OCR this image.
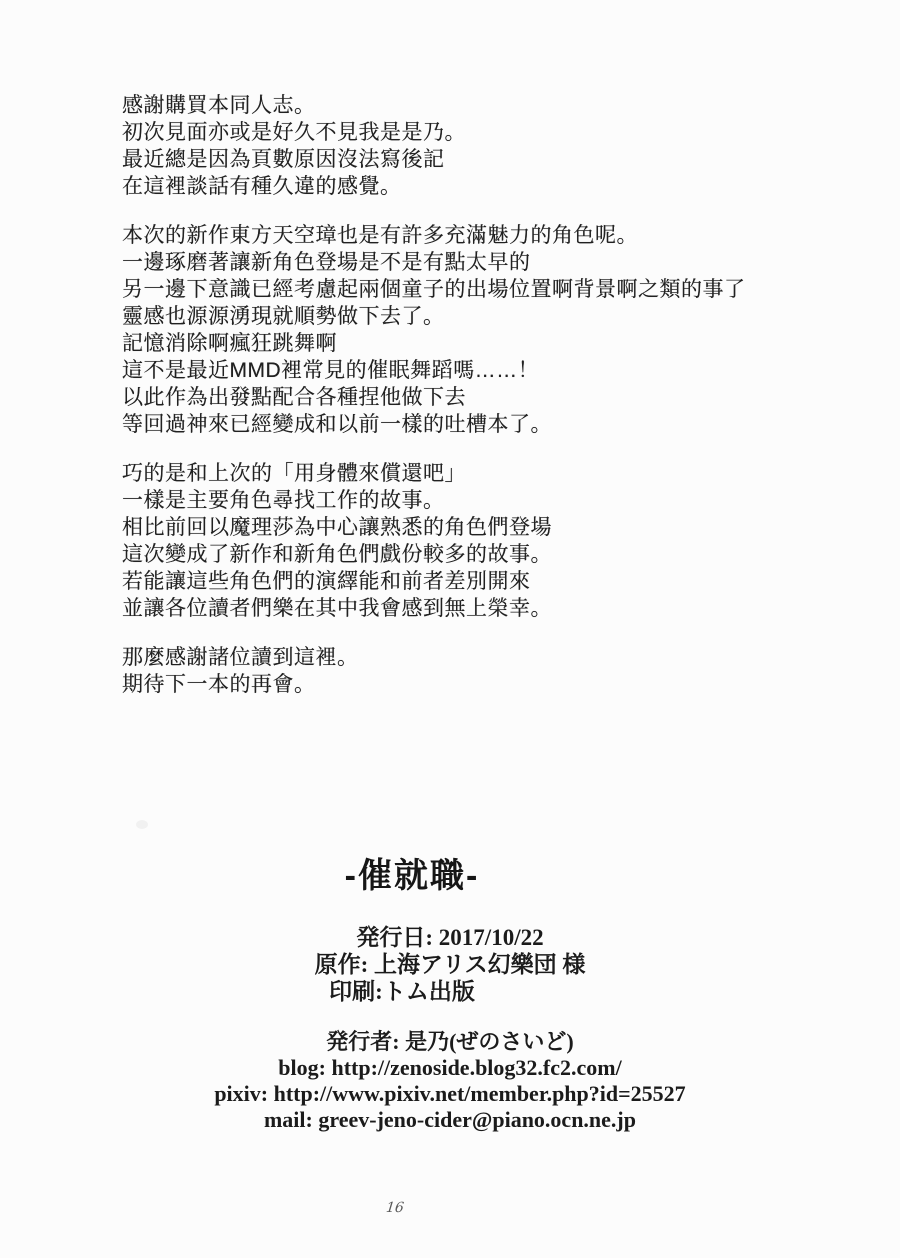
感謝購買本同人志。
初次見面亦或是好久不見我是是乃。
最近總是因為頁數原因沒法寫後記
在這裡談話有種久違的感覺。
本次的新作東方天空璋也是有許多充滿魅力的角色呢。
一邊琢磨著讓新角色登場是不是有點太早的
另一邊下意識已經考慮起兩個童子的出場位置啊背景啊之類的事了
靈感也源源湧現就順勢做下去了。
記憶消除啊瘋狂跳舞啊
這不是最近MMD裡常見的催眠舞蹈嗎……！
以此作為出發點配合各種捏他做下去
等回過神來已經變成和以前一樣的吐槽本了。
巧的是和上次的「用身體來償還吧」
一樣是主要角色尋找工作的故事。
相比前回以魔理莎為中心讓熟悉的角色們登場
這次變成了新作和新角色們戲份較多的故事。
若能讓這些角色們的演繹能和前者差別開來
並讓各位讀者們樂在其中我會感到無上榮幸。
那麼感謝諸位讀到這裡。
期待下一本的再會。
-催就職-
発行日: 2017/10/22
原作: 上海アリス幻樂団 様
印刷:トム出版
発行者: 是乃(ぜのさいど)
blog: http://zenoside.blog32.fc2.com/
pixiv: http://www.pixiv.net/member.php?id=25527
mail: greev-jeno-cider@piano.ocn.ne.jp
16
